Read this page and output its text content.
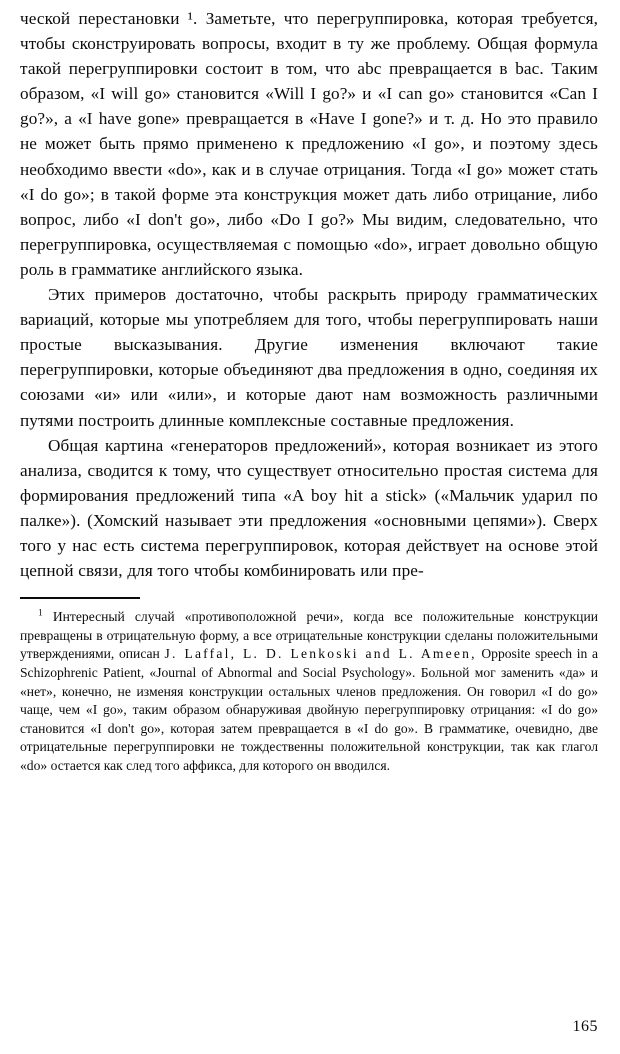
ческой перестановки ¹. Заметьте, что перегруппировка, которая требуется, чтобы сконструировать вопросы, входит в ту же проблему. Общая формула такой перегруппировки состоит в том, что abc превращается в bac. Таким образом, «I will go» становится «Will I go?» и «I can go» становится «Can I go?», а «I have gone» превращается в «Have I gone?» и т. д. Но это правило не может быть прямо применено к предложению «I go», и поэтому здесь необходимо ввести «do», как и в случае отрицания. Тогда «I go» может стать «I do go»; в такой форме эта конструкция может дать либо отрицание, либо вопрос, либо «I don't go», либо «Do I go?» Мы видим, следовательно, что перегруппировка, осуществляемая с помощью «do», играет довольно общую роль в грамматике английского языка.

Этих примеров достаточно, чтобы раскрыть природу грамматических вариаций, которые мы употребляем для того, чтобы перегруппировать наши простые высказывания. Другие изменения включают такие перегруппировки, которые объединяют два предложения в одно, соединяя их союзами «и» или «или», и которые дают нам возможность различными путями построить длинные комплексные составные предложения.

Общая картина «генераторов предложений», которая возникает из этого анализа, сводится к тому, что существует относительно простая система для формирования предложений типа «A boy hit a stick» («Мальчик ударил по палке»). (Хомский называет эти предложения «основными цепями»). Сверх того у нас есть система перегруппировок, которая действует на основе этой цепной связи, для того чтобы комбинировать или пре-

$^1$ Интересный случай «противоположной речи», когда все положительные конструкции превращены в отрицательную форму, а все отрицательные конструкции сделаны положительными утверждениями, описан J. Laffal, L. D. Lenkoski and L. Ameen, Opposite speech in a Schizophrenic Patient, «Journal of Abnormal and Social Psychology». Больной мог заменить «да» и «нет», конечно, не изменяя конструкции остальных членов предложения. Он говорил «I do go» чаще, чем «I go», таким образом обнаруживая двойную перегруппировку отрицания: «I do go» становится «I don't go», которая затем превращается в «I do go». В грамматике, очевидно, две отрицательные перегруппировки не тождественны положительной конструкции, так как глагол «do» остается как след того аффикса, для которого он вводился.

165
